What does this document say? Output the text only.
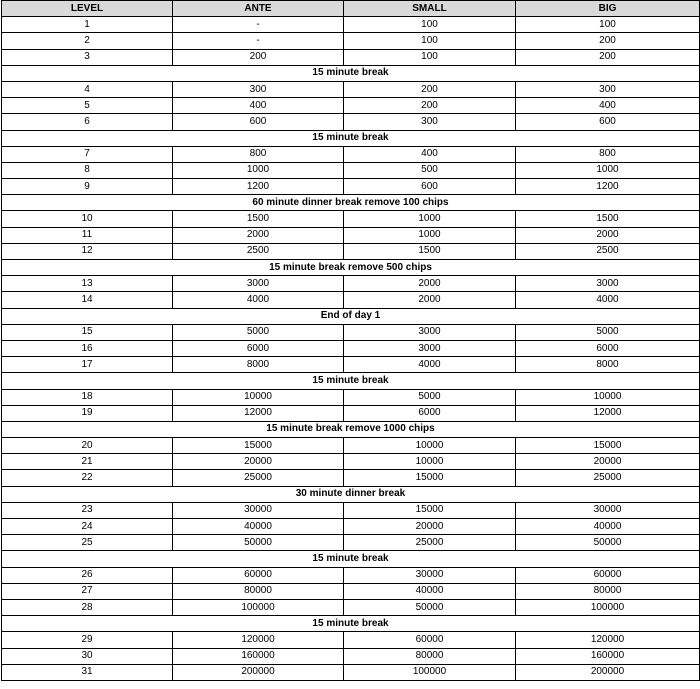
LEVEL	ANTE	SMALL	BIG
1	-	100	100
2	-	100	200
3	200	100	200
15 minute break			
4	300	200	300
5	400	200	400
6	600	300	600
15 minute break			
7	800	400	800
8	1000	500	1000
9	1200	600	1200
60 minute dinner break remove 100 chips			
10	1500	1000	1500
11	2000	1000	2000
12	2500	1500	2500
15 minute break remove 500 chips			
13	3000	2000	3000
14	4000	2000	4000
End of day 1			
15	5000	3000	5000
16	6000	3000	6000
17	8000	4000	8000
15 minute break			
18	10000	5000	10000
19	12000	6000	12000
15 minute break remove 1000 chips			
20	15000	10000	15000
21	20000	10000	20000
22	25000	15000	25000
30 minute dinner break			
23	30000	15000	30000
24	40000	20000	40000
25	50000	25000	50000
15 minute break			
26	60000	30000	60000
27	80000	40000	80000
28	100000	50000	100000
15 minute break			
29	120000	60000	120000
30	160000	80000	160000
31	200000	100000	200000
